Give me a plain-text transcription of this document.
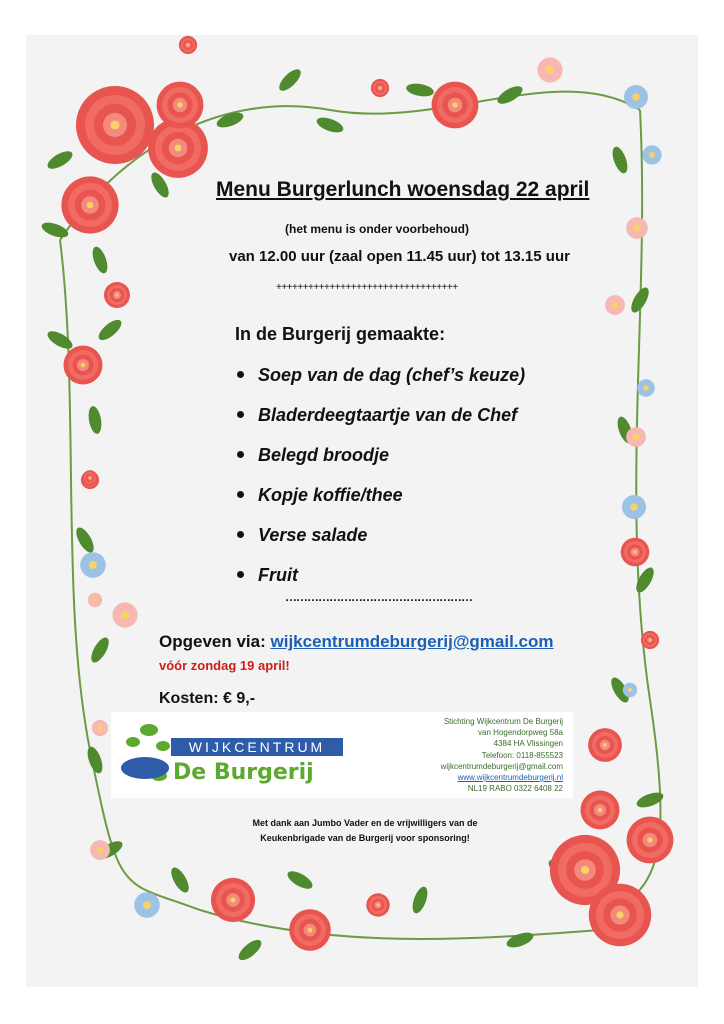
Menu Burgerlunch woensdag 22 april
(het menu is onder voorbehoud)
van 12.00 uur (zaal open 11.45 uur) tot 13.15 uur
++++++++++++++++++++++++++++++++++
In de Burgerij gemaakte:
Soep van de dag (chef’s keuze)
Bladerdeegtaartje van de Chef
Belegd broodje
Kopje koffie/thee
Verse salade
Fruit
……………………………………………
Opgeven via: wijkcentrumdeburgerij@gmail.com
vóór zondag 19 april!
Kosten: € 9,-
WIJKCENTRUM
De Burgerij
Stichting Wijkcentrum De Burgerij
van Hogendorpweg 58a
4384 HA Vlissingen
Telefoon: 0118-855523
wijkcentrumdeburgerij@gmail.com
www.wijkcentrumdeburgerij.nl
NL19 RABO 0322 6408 22
Met dank aan Jumbo Vader en de vrijwilligers van de
Keukenbrigade van de Burgerij voor sponsoring!
